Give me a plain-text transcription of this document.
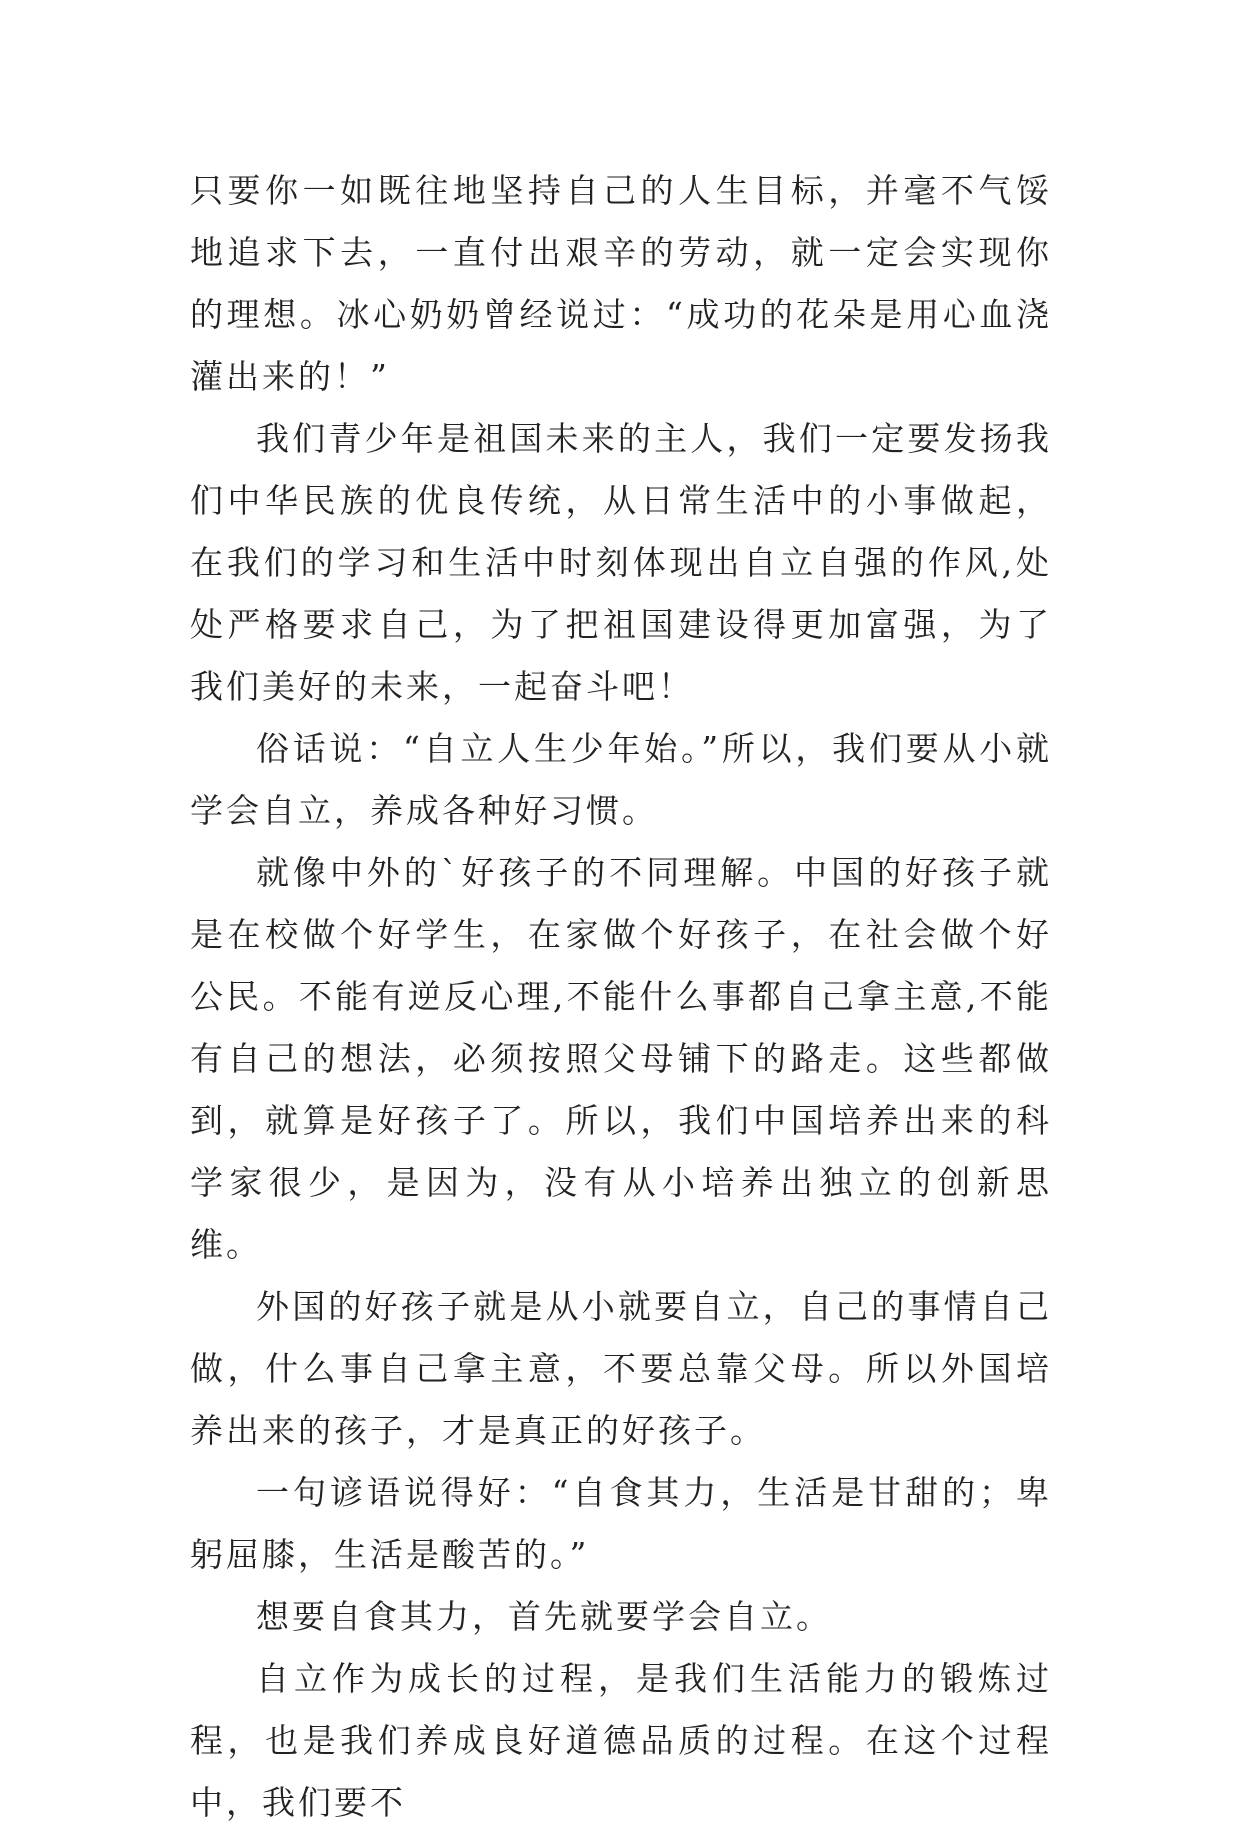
只要你一如既往地坚持自己的人生目标，并毫不气馁地追求下去，一直付出艰辛的劳动，就一定会实现你的理想。冰心奶奶曾经说过：“成功的花朵是用心血浇灌出来的！”

我们青少年是祖国未来的主人，我们一定要发扬我们中华民族的优良传统，从日常生活中的小事做起，在我们的学习和生活中时刻体现出自立自强的作风,处处严格要求自己，为了把祖国建设得更加富强，为了我们美好的未来，一起奋斗吧！

俗话说：“自立人生少年始。”所以，我们要从小就学会自立，养成各种好习惯。

就像中外的`好孩子的不同理解。中国的好孩子就是在校做个好学生，在家做个好孩子，在社会做个好公民。不能有逆反心理,不能什么事都自己拿主意,不能有自己的想法，必须按照父母铺下的路走。这些都做到，就算是好孩子了。所以，我们中国培养出来的科学家很少，是因为，没有从小培养出独立的创新思维。

外国的好孩子就是从小就要自立，自己的事情自己做，什么事自己拿主意，不要总靠父母。所以外国培养出来的孩子，才是真正的好孩子。

一句谚语说得好：“自食其力，生活是甘甜的；卑躬屈膝，生活是酸苦的。”

想要自食其力，首先就要学会自立。

自立作为成长的过程，是我们生活能力的锻炼过程，也是我们养成良好道德品质的过程。在这个过程中，我们要不
